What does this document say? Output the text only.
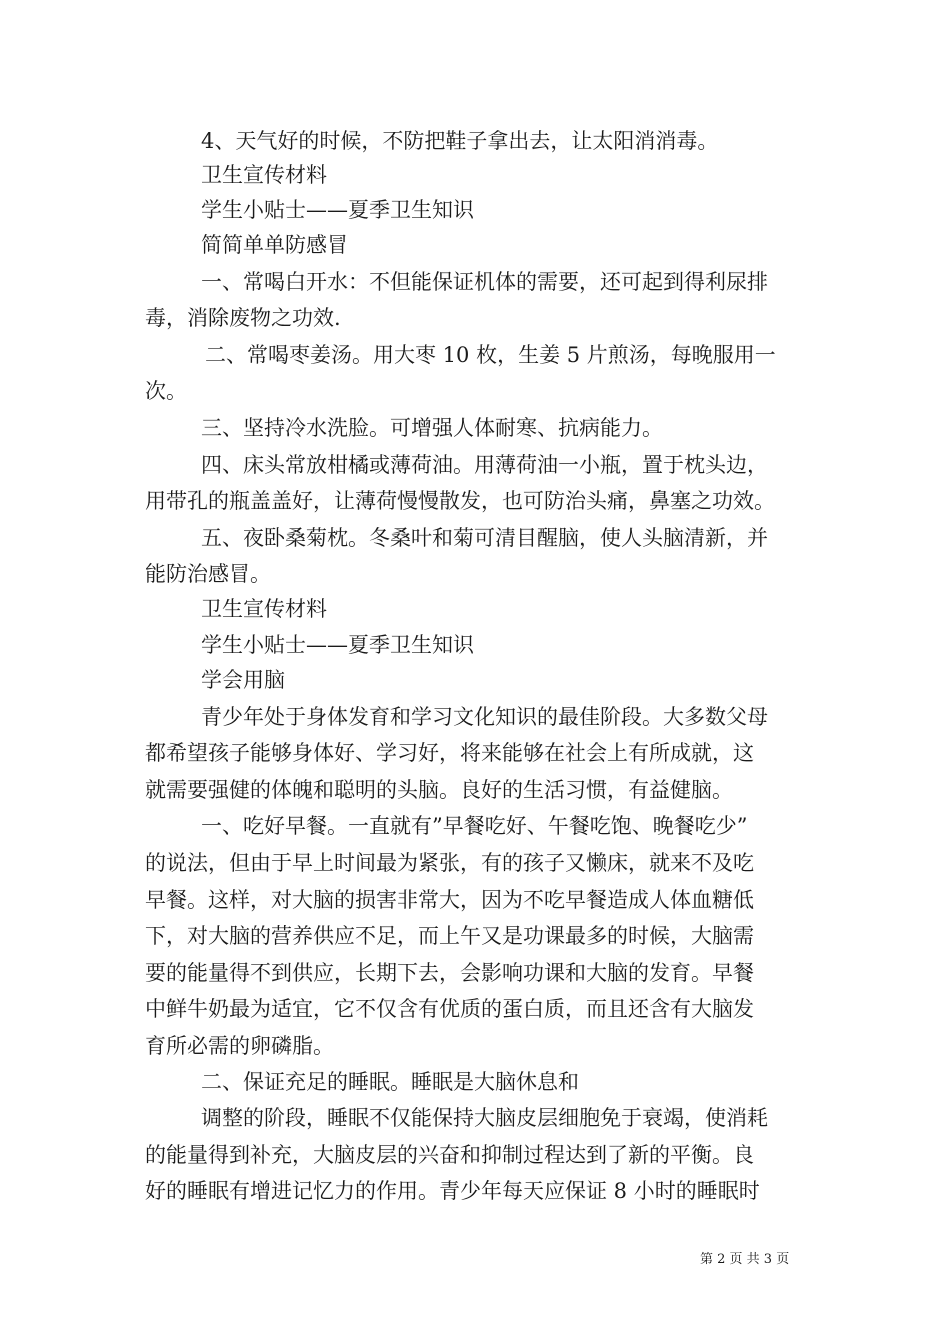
4、天气好的时候，不防把鞋子拿出去，让太阳消消毒。
卫生宣传材料
学生小贴士——夏季卫生知识
简简单单防感冒
一、常喝白开水：不但能保证机体的需要，还可起到得利尿排
毒，消除废物之功效.
二、常喝枣姜汤。用大枣 10 枚，生姜 5 片煎汤，每晚服用一
次。
三、坚持冷水洗脸。可增强人体耐寒、抗病能力。
四、床头常放柑橘或薄荷油。用薄荷油一小瓶，置于枕头边，
用带孔的瓶盖盖好，让薄荷慢慢散发，也可防治头痛，鼻塞之功效。
五、夜卧桑菊枕。冬桑叶和菊可清目醒脑，使人头脑清新，并
能防治感冒。
卫生宣传材料
学生小贴士——夏季卫生知识
学会用脑
青少年处于身体发育和学习文化知识的最佳阶段。大多数父母
都希望孩子能够身体好、学习好，将来能够在社会上有所成就，这
就需要强健的体魄和聪明的头脑。良好的生活习惯，有益健脑。
一、吃好早餐。一直就有”早餐吃好、午餐吃饱、晚餐吃少”
的说法，但由于早上时间最为紧张，有的孩子又懒床，就来不及吃
早餐。这样，对大脑的损害非常大，因为不吃早餐造成人体血糖低
下，对大脑的营养供应不足，而上午又是功课最多的时候，大脑需
要的能量得不到供应，长期下去，会影响功课和大脑的发育。早餐
中鲜牛奶最为适宜，它不仅含有优质的蛋白质，而且还含有大脑发
育所必需的卵磷脂。
二、保证充足的睡眠。睡眠是大脑休息和
调整的阶段，睡眠不仅能保持大脑皮层细胞免于衰竭，使消耗
的能量得到补充，大脑皮层的兴奋和抑制过程达到了新的平衡。良
好的睡眠有增进记忆力的作用。青少年每天应保证 8 小时的睡眠时
第 2 页 共 3 页
